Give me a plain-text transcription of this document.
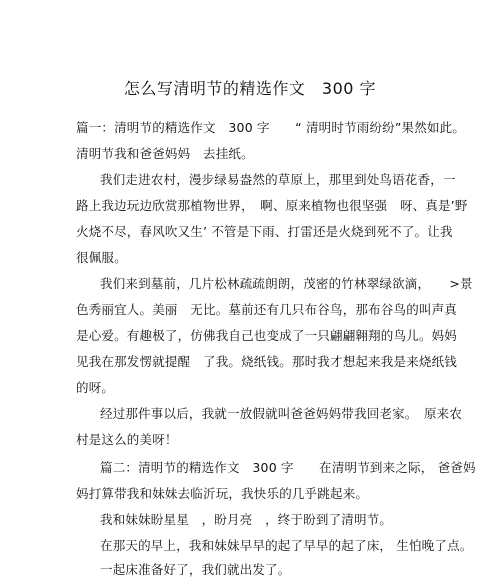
怎么写清明节的精选作文　300 字
篇一：清明节的精选作文　300 字　　“ 清明时节雨纷纷”果然如此。
清明节我和爸爸妈妈　去挂纸。
我们走进农村，漫步绿易盎然的草原上，那里到处鸟语花香，一
路上我边玩边欣赏那植物世界，　啊、原来植物也很坚强　呀、真是’野
火烧不尽，春风吹又生’ 不管是下雨、打雷还是火烧到死不了。让我
很佩服。
我们来到墓前，几片松林疏疏朗朗，茂密的竹林翠绿欲滴，　　>景
色秀丽宜人。美丽　无比。墓前还有几只布谷鸟，那布谷鸟的叫声真
是心爱。有趣极了，仿佛我自己也变成了一只翩翩翱翔的鸟儿。妈妈
见我在那发愣就提醒　了我。烧纸钱。那时我才想起来我是来烧纸钱
的呀。
经过那件事以后，我就一放假就叫爸爸妈妈带我回老家。　原来农
村是这么的美呀！
篇二：清明节的精选作文　300 字　　在清明节到来之际， 爸爸妈
妈打算带我和妹妹去临沂玩，我快乐的几乎跳起来。
我和妹妹盼星星　，盼月亮　，终于盼到了清明节。
在那天的早上，我和妹妹早早的起了早早的起了床， 生怕晚了点。
一起床准备好了，我们就出发了。
